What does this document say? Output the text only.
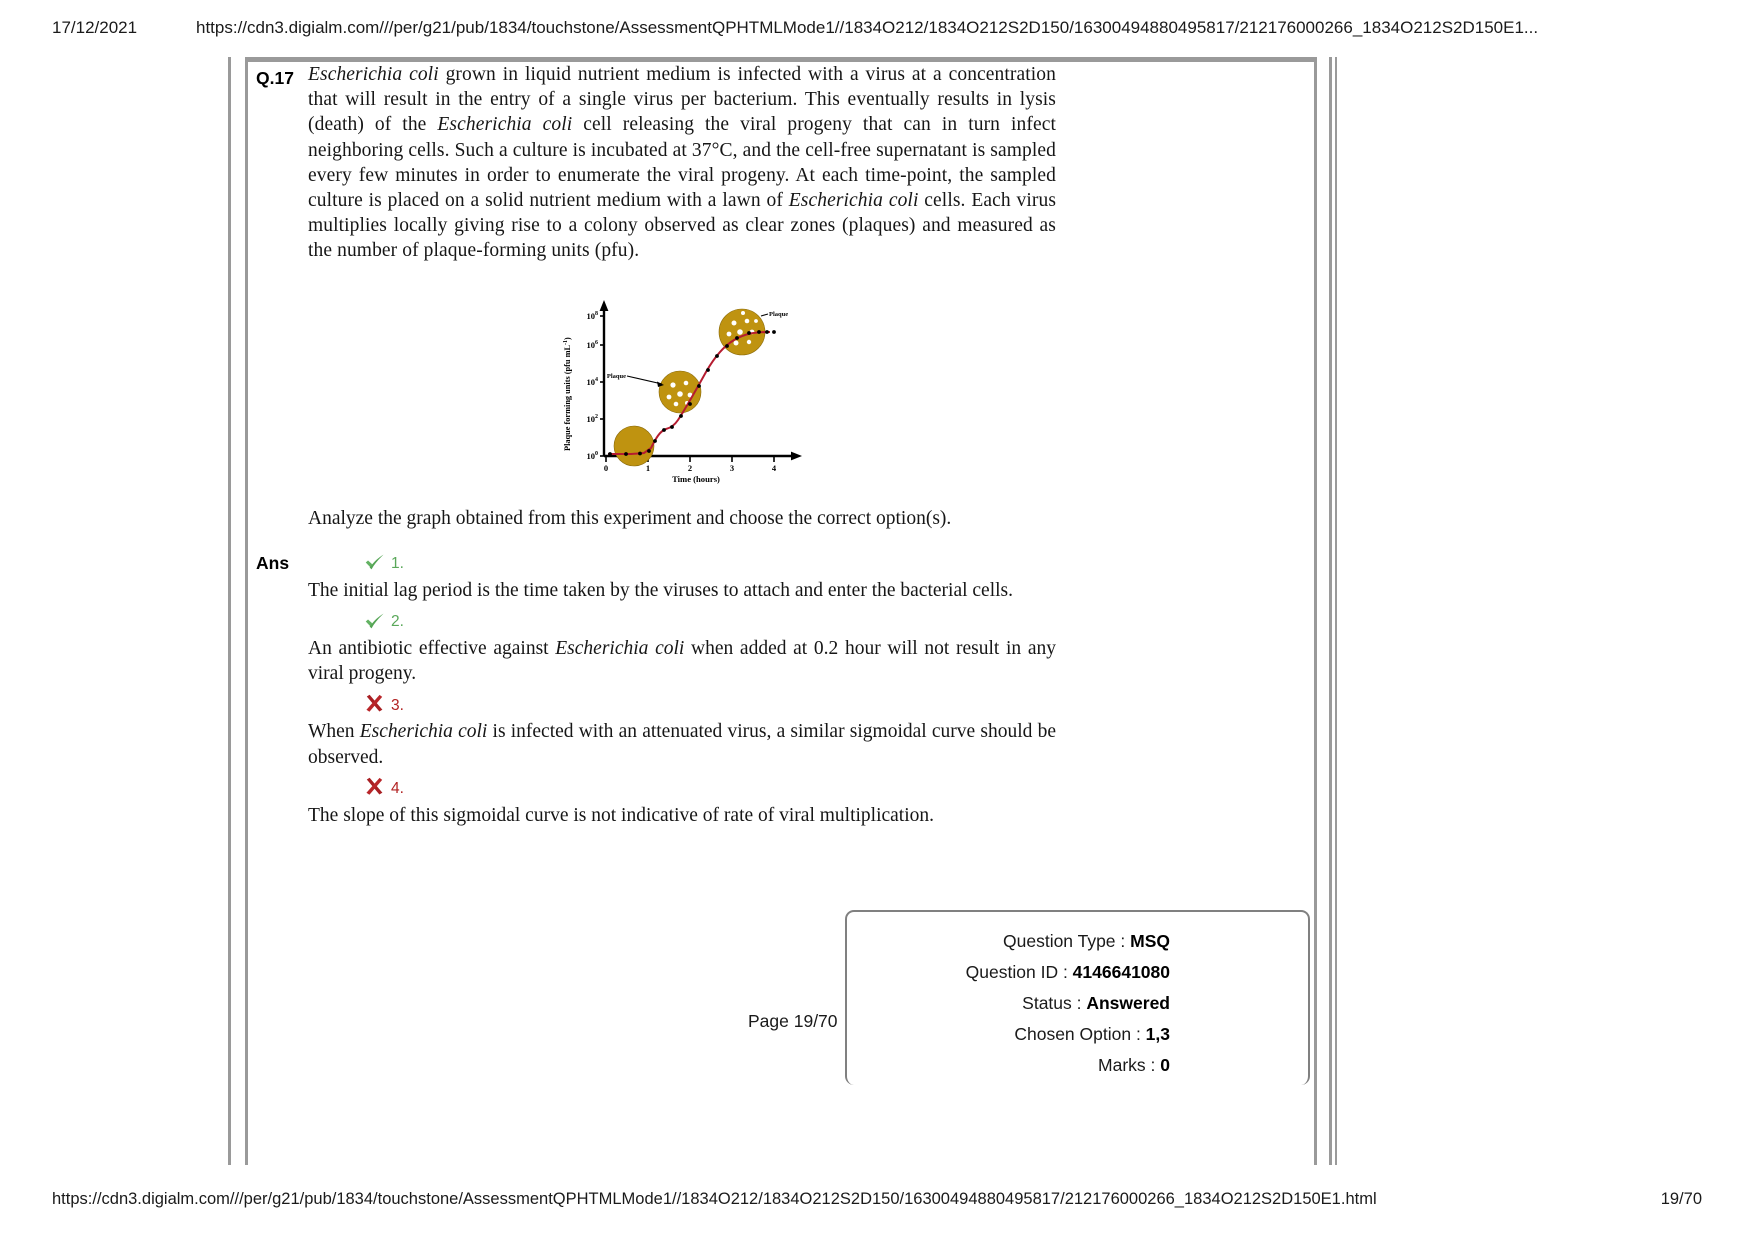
17/12/2021	https://cdn3.digialm.com///per/g21/pub/1834/touchstone/AssessmentQPHTMLMode1//1834O212/1834O212S2D150/16300494880495817/212176000266_1834O212S2D150E1...
Q.17 Escherichia coli grown in liquid nutrient medium is infected with a virus at a concentration that will result in the entry of a single virus per bacterium. This eventually results in lysis (death) of the Escherichia coli cell releasing the viral progeny that can in turn infect neighboring cells. Such a culture is incubated at 37°C, and the cell-free supernatant is sampled every few minutes in order to enumerate the viral progeny. At each time-point, the sampled culture is placed on a solid nutrient medium with a lawn of Escherichia coli cells. Each virus multiplies locally giving rise to a colony observed as clear zones (plaques) and measured as the number of plaque-forming units (pfu).
$10^0$
$10^2$
$10^4$
$10^6$
$10^8$
Plaque forming units (pfu $mL^{-1}$)
0	1	2	3	4
Time (hours)
Plaque
Plaque
Analyze the graph obtained from this experiment and choose the correct option(s).
Ans	1.
The initial lag period is the time taken by the viruses to attach and enter the bacterial cells.
2.
An antibiotic effective against Escherichia coli when added at 0.2 hour will not result in any viral progeny.
3.
When Escherichia coli is infected with an attenuated virus, a similar sigmoidal curve should be observed.
4.
The slope of this sigmoidal curve is not indicative of rate of viral multiplication.
Page 19/70
Question Type : MSQ
Question ID : 4146641080
Status : Answered
Chosen Option : 1,3
Marks : 0
https://cdn3.digialm.com///per/g21/pub/1834/touchstone/AssessmentQPHTMLMode1//1834O212/1834O212S2D150/16300494880495817/212176000266_1834O212S2D150E1.html	19/70
